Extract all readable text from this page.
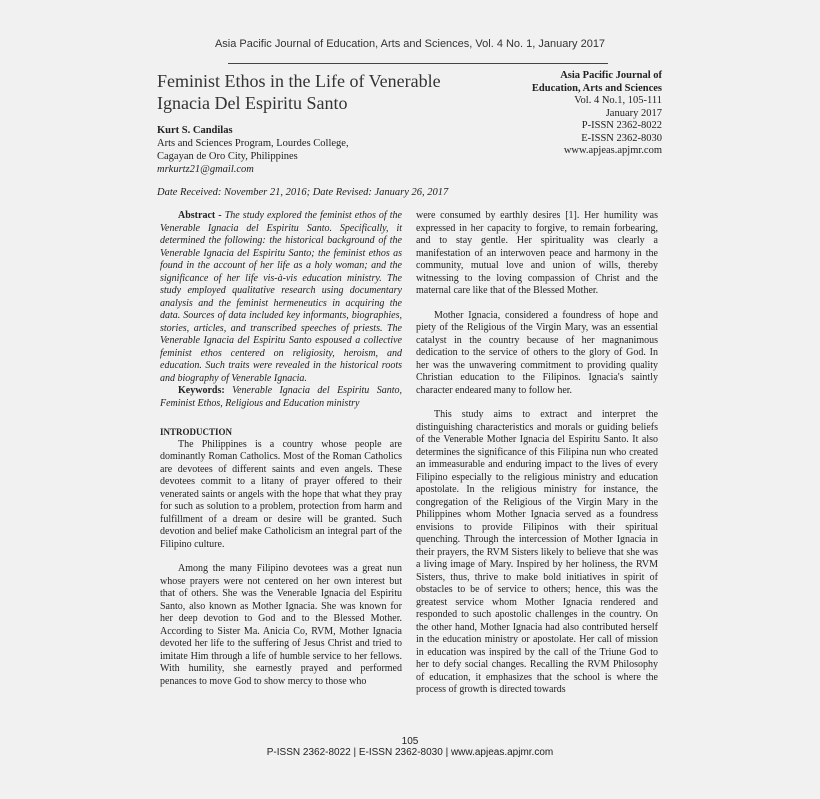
Asia Pacific Journal of Education, Arts and Sciences, Vol. 4 No. 1, January 2017
Feminist Ethos in the Life of Venerable
Ignacia Del Espiritu Santo
Asia Pacific Journal of
Education, Arts and Sciences
Vol. 4 No.1, 105-111
January 2017
P-ISSN 2362-8022
E-ISSN 2362-8030
www.apjeas.apjmr.com
Kurt S. Candilas
Arts and Sciences Program, Lourdes College,
Cagayan de Oro City, Philippines
mrkurtz21@gmail.com
Date Received: November 21, 2016; Date Revised: January 26, 2017

Abstract - The study explored the feminist ethos of the Venerable Ignacia del Espiritu Santo. Specifically, it determined the following: the historical background of the Venerable Ignacia del Espiritu Santo; the feminist ethos as found in the account of her life as a holy woman; and the significance of her life vis-à-vis education ministry. The study employed qualitative research using documentary analysis and the feminist hermeneutics in acquiring the data. Sources of data included key informants, biographies, stories, articles, and transcribed speeches of priests. The Venerable Ignacia del Espiritu Santo espoused a collective feminist ethos centered on religiosity, heroism, and education. Such traits were revealed in the historical roots and biography of Venerable Ignacia.

Keywords: Venerable Ignacia del Espiritu Santo, Feminist Ethos, Religious and Education ministry

INTRODUCTION

The Philippines is a country whose people are dominantly Roman Catholics. Most of the Roman Catholics are devotees of different saints and even angels. These devotees commit to a litany of prayer offered to their venerated saints or angels with the hope that what they pray for such as solution to a problem, protection from harm and fulfillment of a dream or desire will be granted. Such devotion and belief make Catholicism an integral part of the Filipino culture.

Among the many Filipino devotees was a great nun whose prayers were not centered on her own interest but that of others. She was the Venerable Ignacia del Espiritu Santo, also known as Mother Ignacia. She was known for her deep devotion to God and to the Blessed Mother. According to Sister Ma. Anicia Co, RVM, Mother Ignacia devoted her life to the suffering of Jesus Christ and tried to imitate Him through a life of humble service to her fellows. With humility, she earnestly prayed and performed penances to move God to show mercy to those who

were consumed by earthly desires [1]. Her humility was expressed in her capacity to forgive, to remain forbearing, and to stay gentle. Her spirituality was clearly a manifestation of an interwoven peace and harmony in the community, mutual love and union of wills, thereby witnessing to the loving compassion of Christ and the maternal care like that of the Blessed Mother.

Mother Ignacia, considered a foundress of hope and piety of the Religious of the Virgin Mary, was an essential catalyst in the country because of her magnanimous dedication to the service of others to the glory of God. In her was the unwavering commitment to providing quality Christian education to the Filipinos. Ignacia's saintly character endeared many to follow her.

This study aims to extract and interpret the distinguishing characteristics and morals or guiding beliefs of the Venerable Mother Ignacia del Espiritu Santo. It also determines the significance of this Filipina nun who created an immeasurable and enduring impact to the lives of every Filipino especially to the religious ministry and education apostolate. In the religious ministry for instance, the congregation of the Religious of the Virgin Mary in the Philippines whom Mother Ignacia served as a foundress envisions to provide Filipinos with their spiritual quenching. Through the intercession of Mother Ignacia in their prayers, the RVM Sisters likely to believe that she was a living image of Mary. Inspired by her holiness, the RVM Sisters, thus, thrive to make bold initiatives in spirit of obstacles to be of service to others; hence, this was the greatest service whom Mother Ignacia rendered and responded to such apostolic challenges in the country. On the other hand, Mother Ignacia had also contributed herself in the education ministry or apostolate. Her call of mission in education was inspired by the call of the Triune God to her to defy social changes. Recalling the RVM Philosophy of education, it emphasizes that the school is where the process of growth is directed towards

105
P-ISSN 2362-8022 | E-ISSN 2362-8030 | www.apjeas.apjmr.com
